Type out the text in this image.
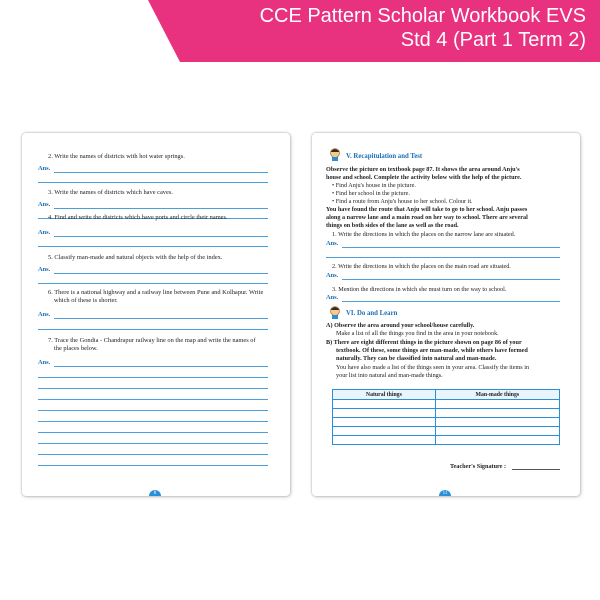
CCE Pattern Scholar Workbook EVS
Std 4 (Part 1 Term 2)
2. Write the names of districts with hot water springs.
Ans.
3. Write the names of districts which have caves.
Ans.
4. Find and write the districts which have ports and circle their names.
Ans.
5. Classify man-made and natural objects with the help of the index.
Ans.
6. There is a national highway and a railway line between Pune and Kolhapur. Write
which of these is shorter.
Ans.
7. Trace the Gondia - Chandrapur railway line on the map and write the names of
the places below.
Ans.
8
V. Recapitulation and Test
Observe the picture on textbook page 87. It shows the area around Anju's
house and school. Complete the activity below with the help of the picture.
• Find Anju's house in the picture.
• Find her school in the picture.
• Find a route from Anju's house to her school. Colour it.
You have found the route that Anju will take to go to her school. Anju passes
along a narrow lane and a main road on her way to school. There are several
things on both sides of the lane as well as the road.
1. Write the directions in which the places on the narrow lane are situated.
Ans.
2. Write the directions in which the places on the main road are situated.
Ans.
3. Mention the directions in which she must turn on the way to school.
Ans.
VI. Do and Learn
A) Observe the area around your school/house carefully.
Make a list of all the things you find in the area in your notebook.
B) There are eight different things in the picture shown on page 86 of your
textbook. Of these, some things are man-made, while others have formed
naturally. They can be classified into natural and man-made.
You have also made a list of the things seen in your area. Classify the items in
your list into natural and man-made things.
Natural things	Man-made things

Teacher's Signature :
11
